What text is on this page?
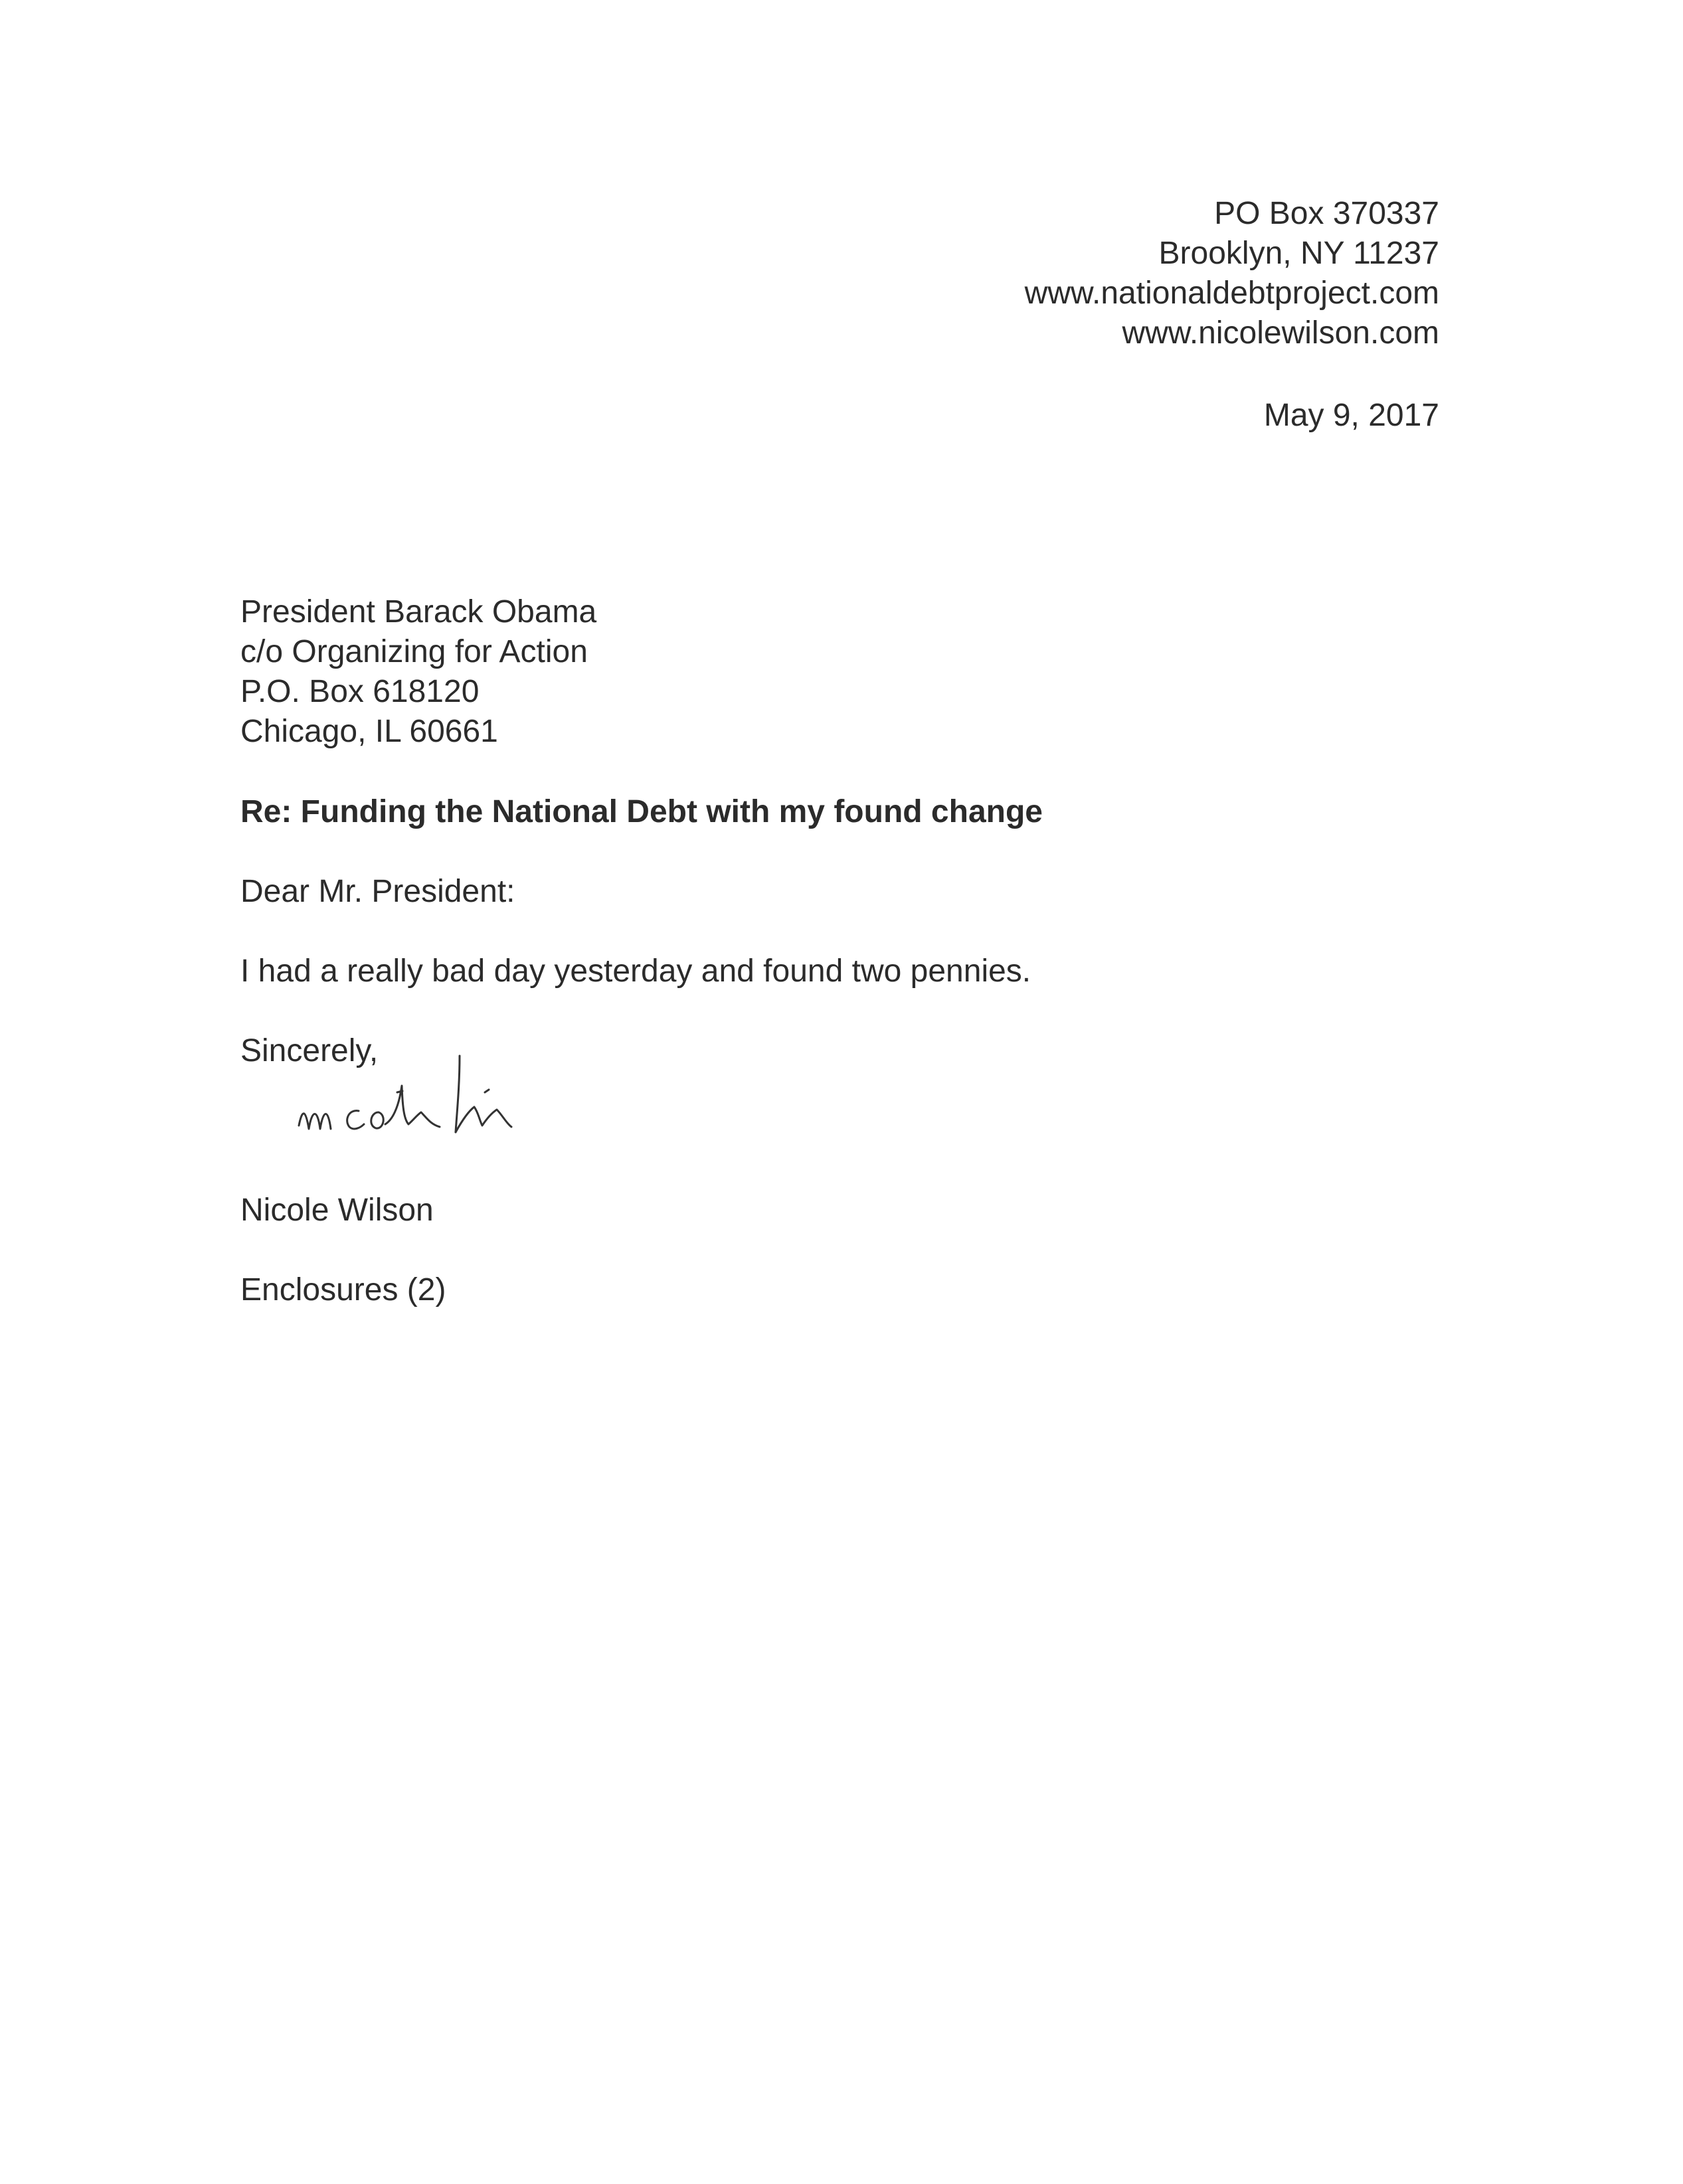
PO Box 370337
Brooklyn, NY 11237
www.nationaldebtproject.com
www.nicolewilson.com
May 9, 2017
President Barack Obama
c/o Organizing for Action
P.O. Box 618120
Chicago, IL 60661
Re: Funding the National Debt with my found change
Dear Mr. President:
I had a really bad day yesterday and found two pennies.
Sincerely,
Nicole Wilson
Enclosures (2)
